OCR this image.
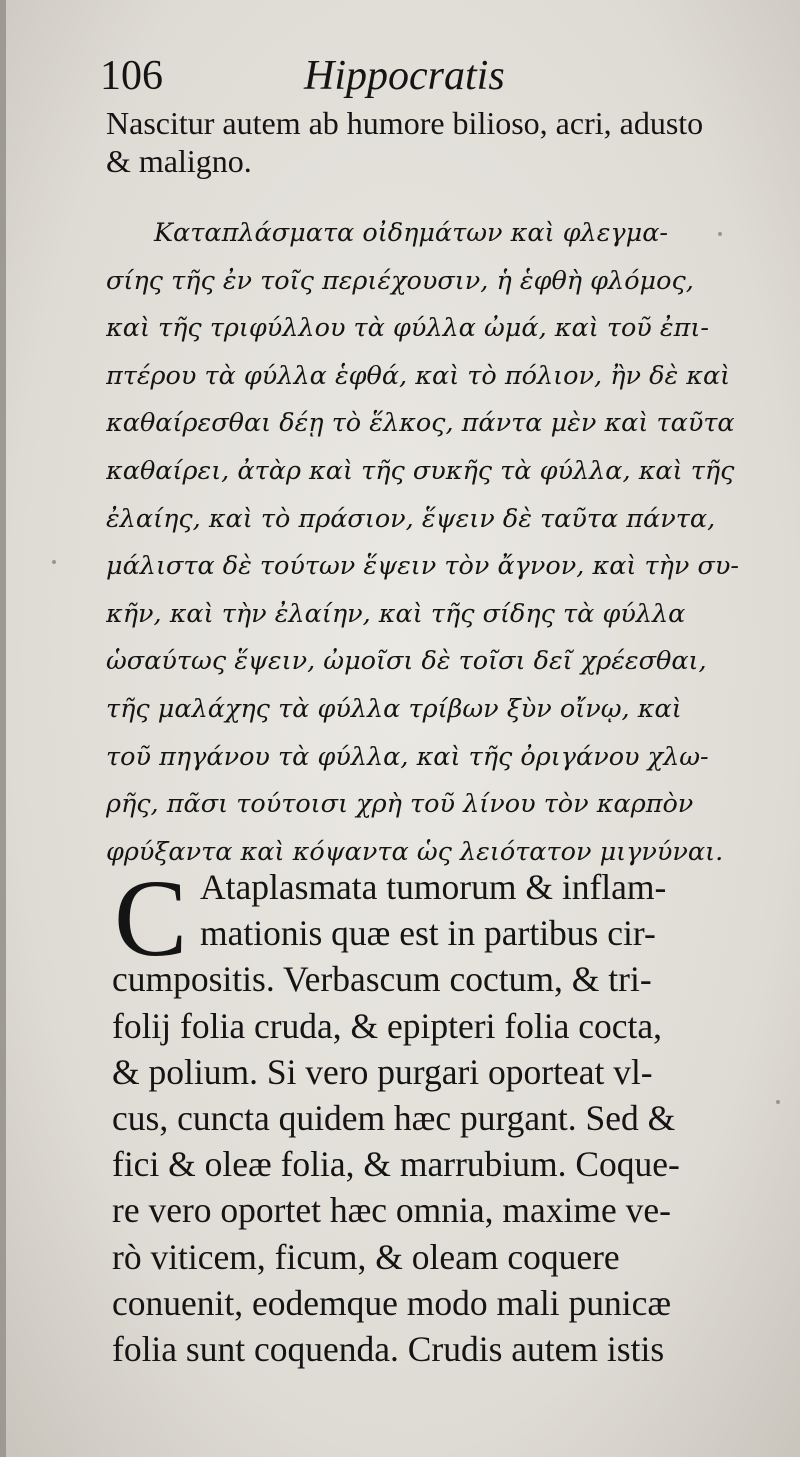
106	Hippocratis
Nascitur autem ab humore bilioso, acri, adusto
& maligno.
Καταπλάσματα οἰδημάτων καὶ φλεγμα-
σίης τῆς ἐν τοῖς περιέχουσιν, ἡ ἑφθὴ φλόμος,
καὶ τῆς τριφύλλου τὰ φύλλα ὠμά, καὶ τοῦ ἐπι-
πτέρου τὰ φύλλα ἑφθά, καὶ τὸ πόλιον, ἢν δὲ καὶ
καθαίρεσθαι δέῃ τὸ ἕλκος, πάντα μὲν καὶ ταῦτα
καθαίρει, ἀτὰρ καὶ τῆς συκῆς τὰ φύλλα, καὶ τῆς
ἐλαίης, καὶ τὸ πράσιον, ἕψειν δὲ ταῦτα πάντα,
μάλιστα δὲ τούτων ἕψειν τὸν ἄγνον, καὶ τὴν συ-
κῆν, καὶ τὴν ἐλαίην, καὶ τῆς σίδης τὰ φύλλα
ὡσαύτως ἕψειν, ὠμοῖσι δὲ τοῖσι δεῖ χρέεσθαι,
τῆς μαλάχης τὰ φύλλα τρίβων ξὺν οἴνῳ, καὶ
τοῦ πηγάνου τὰ φύλλα, καὶ τῆς ὀριγάνου χλω-
ρῆς, πᾶσι τούτοισι χρὴ τοῦ λίνου τὸν καρπὸν
φρύξαντα καὶ κόψαντα ὡς λειότατον μιγνύναι.
C Ataplasmata tumorum & inflam-
mationis quæ est in partibus cir-
cumpositis. Verbascum coctum, & tri-
folij folia cruda, & epipteri folia cocta,
& polium. Si vero purgari oporteat vl-
cus, cuncta quidem hæc purgant. Sed &
fici & oleæ folia, & marrubium. Coque-
re vero oportet hæc omnia, maxime ve-
rò viticem, ficum, & oleam coquere
conuenit, eodemque modo mali punicæ
folia sunt coquenda. Crudis autem istis
